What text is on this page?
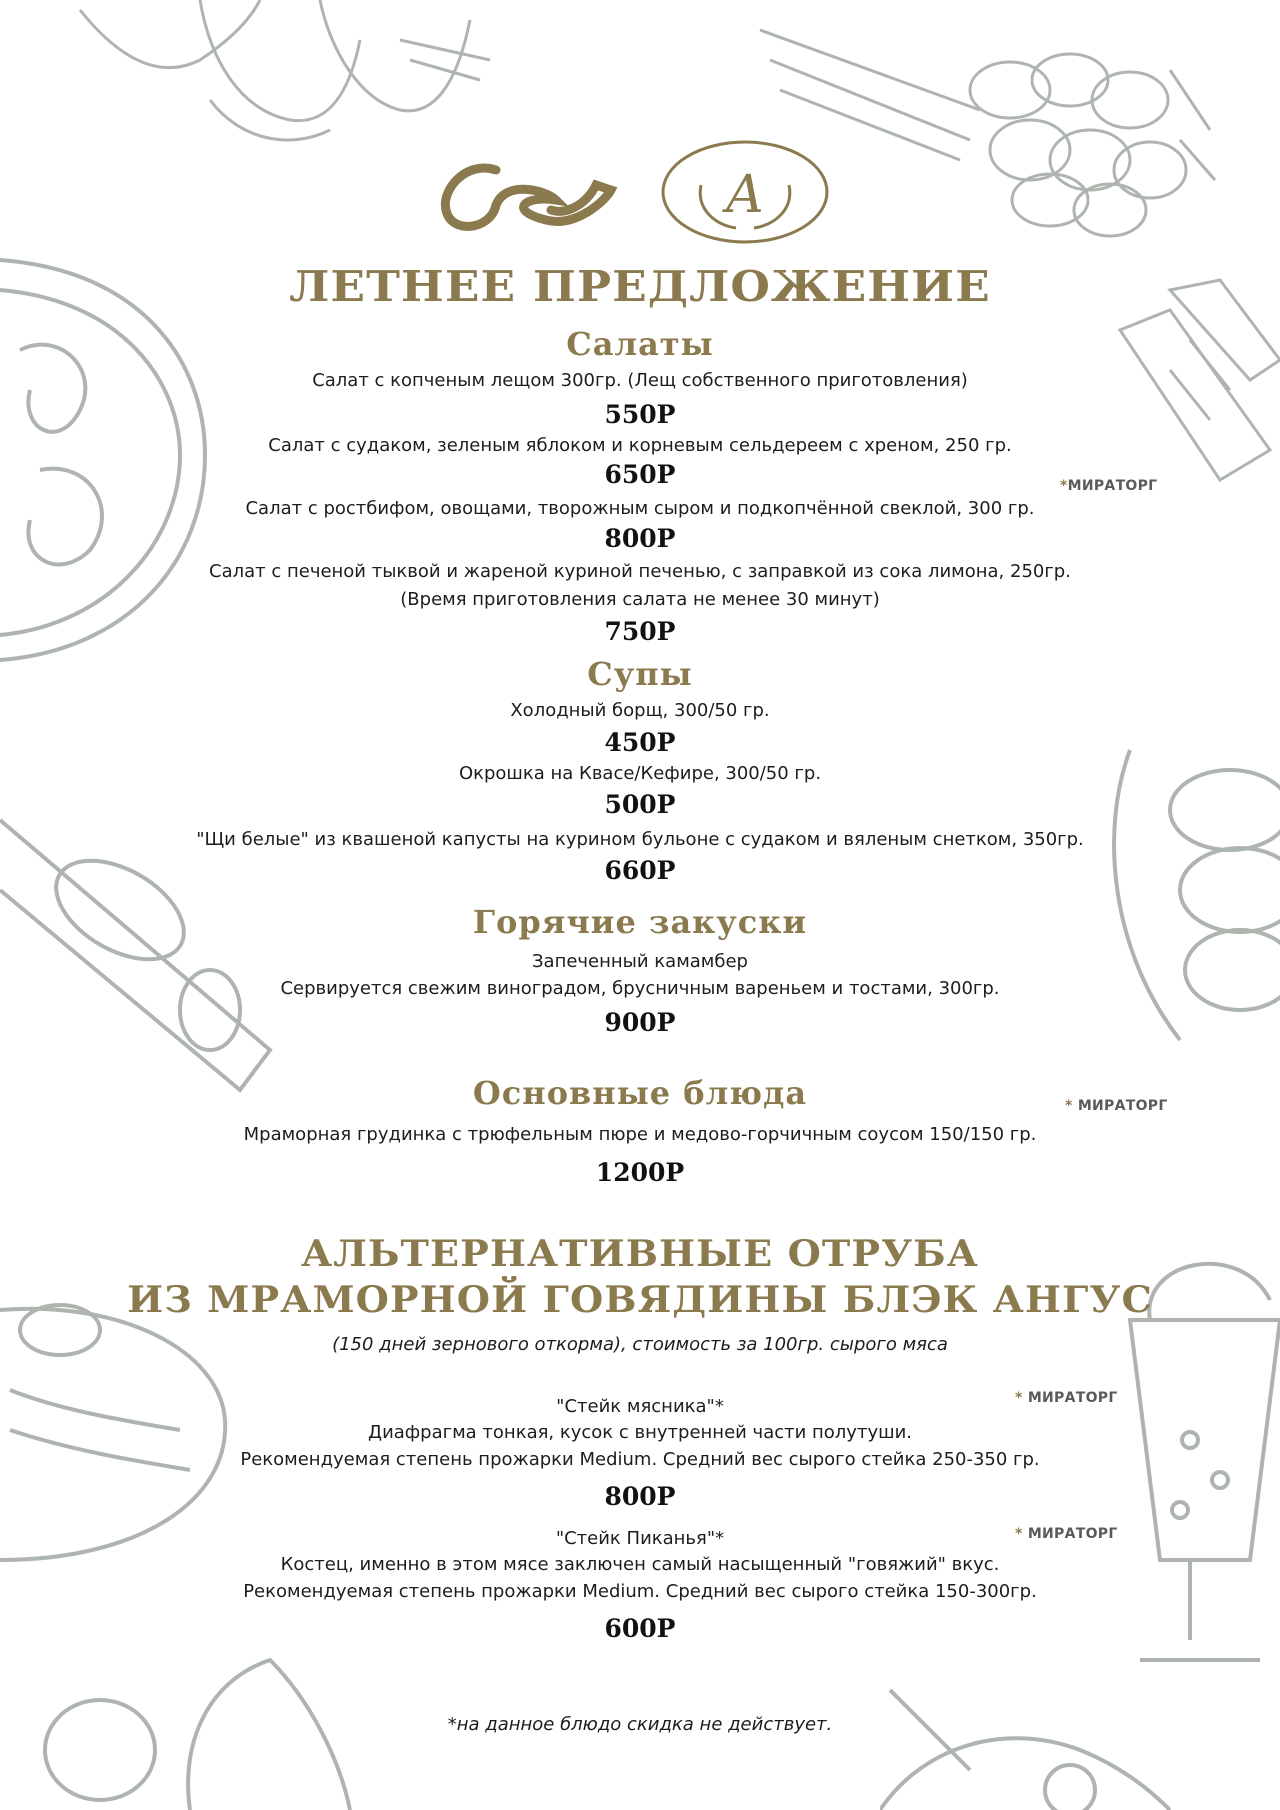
А
ЛЕТНЕЕ ПРЕДЛОЖЕНИЕ
Салаты
Салат с копченым лещом 300гр. (Лещ собственного приготовления)
550Р
Салат с судаком, зеленым яблоком и корневым сельдереем с хреном, 250 гр.
650Р	*МИРАТОРГ
Салат с ростбифом, овощами, творожным сыром и подкопчённой свеклой, 300 гр.
800Р
Салат с печеной тыквой и жареной куриной печенью, с заправкой из сока лимона, 250гр.
(Время приготовления салата не менее 30 минут)
750Р
Супы
Холодный борщ, 300/50 гр.
450Р
Окрошка на Квасе/Кефире, 300/50 гр.
500Р
"Щи белые" из квашеной капусты на курином бульоне с судаком и вяленым снетком, 350гр.
660Р
Горячие закуски
Запеченный камамбер
Сервируется свежим виноградом, брусничным вареньем и тостами, 300гр.
900Р
Основные блюда	* МИРАТОРГ
Мраморная грудинка с трюфельным пюре и медово-горчичным соусом 150/150 гр.
1200Р
АЛЬТЕРНАТИВНЫЕ ОТРУБА
ИЗ МРАМОРНОЙ ГОВЯДИНЫ БЛЭК АНГУС
(150 дней зернового откорма), стоимость за 100гр. сырого мяса
* МИРАТОРГ
"Стейк мясника"*
Диафрагма тонкая, кусок с внутренней части полутуши.
Рекомендуемая степень прожарки Medium. Средний вес сырого стейка 250-350 гр.
800Р
* МИРАТОРГ
"Стейк Пиканья"*
Костец, именно в этом мясе заключен самый насыщенный "говяжий" вкус.
Рекомендуемая степень прожарки Medium. Средний вес сырого стейка 150-300гр.
600Р
*на данное блюдо скидка не действует.
